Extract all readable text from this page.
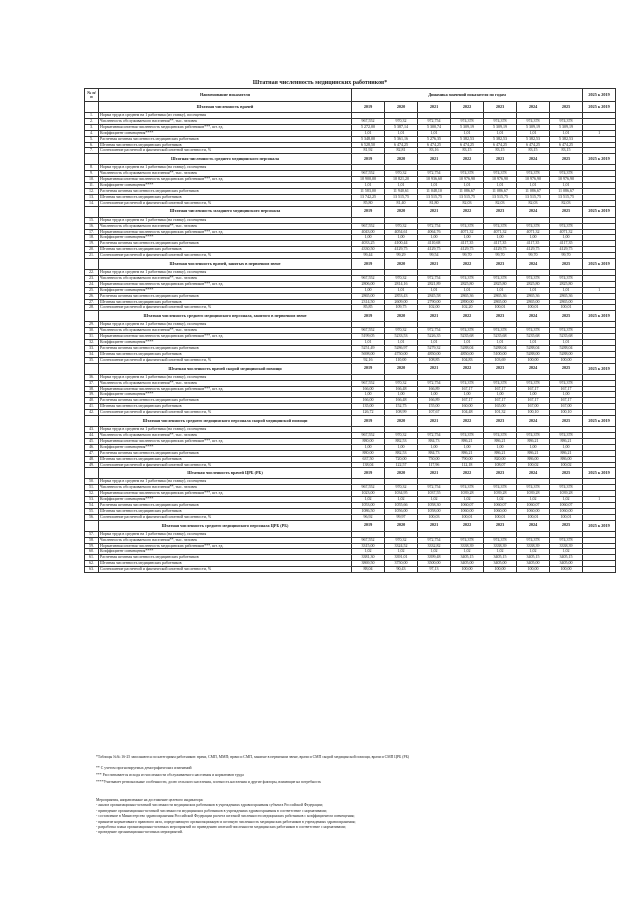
Штатная численность медицинских работников*
№ п/п	Наименование показателя	Динамика значений показателя по годам							2025 к 2019
	Штатная численность врачей	2019	2020	2021	2022	2023	2024	2025	2025 к 2019
1.	Норма труда в среднем на 1 работника (из ставку), посещения								
2.	Численность обслуживаемого населения**, тыс. человек	967,552	970,32	972,754	974,378	974,378	974,378	974,378	
3.	Нормативная штатная численность медицинских работников***, шт. ед.	5 272,00	5 387,14	5 300,74	5 309,19	5 309,19	5 309,19	5 309,19	
4.	Коэффициент совмещения****	1,01	1,01	1,01	1,01	1,01	1,01	1,01	1
5.	Расчетная штатная численность медицинских работников	5 348,00	5 361,16	5 276,35	5 382,53	5 382,53	5 382,53	5 382,53	
6.	Штатная численность медицинских работников	6 528,50	6 474,25	6 474,25	6 474,25	6 474,25	6 474,25	6 474,25	
7.	Соотношение расчетной и фактической штатной численности, %	81,92	82,81	83,16	83,15	83,15	83,15	83,15	
	Штатная численность среднего медицинского персонала	2019	2020	2021	2022	2023	2024	2025	2025 к 2019
8.	Норма труда в среднем на 1 работника (на ставку), посещения								
9.	Численность обслуживаемого населения**, тыс. человек	967,552	970,32	972,754	974,378	974,378	974,378	974,378	
10.	Нормативная штатная численность медицинских работников***, шт. ед.	10 900,00	10 821,20	10 936,60	10 976,90	10 976,90	10 976,90	10 976,90	
11.	Коэффициент совмещения****	1,01	1,01	1,01	1,01	1,01	1,01	1,01	
12.	Расчетная штатная численность медицинских работников	11 583,00	11 940,61	11 048,10	11 086,67	11 086,67	11 086,67	11 086,67	
13.	Штатная численность медицинских работников	13 742,25	13 515,75	13 515,75	13 515,75	13 515,75	13 515,75	13 515,75	
14.	Соотношение расчетной и фактической штатной численности, %	85,80	81,40	81,80	82,03	82,03	82,03	82,03	
	Штатная численность младшего медицинского персонала	2019	2020	2021	2022	2023	2024	2025	2025 к 2019
15.	Норма труда в среднем на 1 работника (на ставку), посещения								
16.	Численность обслуживаемого населения**, тыс. человек	967,552	970,32	972,754	974,378	974,378	974,378	974,378	
17.	Нормативная штатная численность медицинских работников***, шт. ед.	4043,00	4054,61	4064,76	4071,32	4071,32	4071,32	4071,32	
18.	Коэффициент совмещения****	1,00	1,00	1,00	1,00	1,00	1,00	1,00	
19.	Расчетная штатная численность медицинских работников	4033,25	4100,44	4110,68	4117,35	4117,35	4117,35	4117,35	
20.	Штатная численность медицинских работников	4330,50	4129,75	4129,75	4129,75	4129,75	4129,75	4129,75	
21.	Соотношение расчетной и фактической штатной численности, %	99,44	99,29	99,54	99,70	99,70	99,70	99,70	
	Штатная численность врачей, занятых в первичном звене	2019	2020	2021	2022	2023	2024	2025	2025 к 2019
22.	Норма труда в среднем на 1 работника (на ставку), посещения								
23.	Численность обслуживаемого населения**, тыс. человек	967,552	970,32	972,754	974,378	974,378	974,378	974,378	
24.	Нормативная штатная численность медицинских работников***, шт. ед.	2806,00	2814,16	2821,89	2825,80	2825,80	2825,80	2825,80	
25.	Коэффициент совмещения****	1,00	1,01	1,01	1,01	1,01	1,01	1,01	1
26.	Расчетная штатная численность медицинских работников	2865,00	2853,43	2845,58	2865,36	2865,36	2865,36	2865,36	
27.	Штатная численность медицинских работников	2314,50	2609,00	2790,00	2890,00	2865,00	2865,00	2865,00	
28.	Соотношение расчетной и фактической штатной численности, %	85,85	109,75	102,00	102,20	100,01	100,01	100,01	
	Штатная численность среднего медицинского персонала, занятого в первичном звене	2019	2020	2021	2022	2023	2024	2025	2025 к 2019
29.	Норма труда в среднем на 1 работника (на ставку), посещения								
30.	Численность обслуживаемого населения**, тыс. человек	967,552	970,32	972,754	974,378	974,378	974,378	974,378	
31.	Нормативная штатная численность медицинских работников***, шт. ед.	5199,05	5233,53	5226,35	5235,68	5235,68	5235,68	5235,68	
32.	Коэффициент совмещения****	1,01	1,01	1,01	1,01	1,01	1,01	1,01	
33.	Расчетная штатная численность медицинских работников	5251,49	5286,97	5279,32	5288,04	5288,04	5288,04	5288,04	
34.	Штатная численность медицинских работников	5698,00	4750,00	4850,00	4850,00	5100,00	5288,00	5288,00	
35.	Соотношение расчетной и фактической штатной численности, %	92,16	110,00	108,85	104,83	103,69	100,00	100,00	
	Штатная численность врачей скорой медицинской помощи	2019	2020	2021	2022	2023	2024	2025	2025 к 2019
36.	Норма труда в среднем на 1 работника (на ставку), посещения								
37.	Численность обслуживаемого населения**, тыс. человек	967,552	970,32	972,754	974,378	974,378	974,378	974,378	
38.	Нормативная штатная численность медицинских работников***, шт. ед.	166,00	166,48	166,89	167,17	167,17	167,17	167,17	
39.	Коэффициент совмещения****	1,00	1,00	1,00	1,00	1,00	1,00	1,00	
40.	Расчетная штатная численность медицинских работников	166,00	166,48	166,89	167,17	167,17	167,17	167,17	
41.	Штатная численность медицинских работников	135,00	152,75	155,00	160,00	165,00	167,00	167,00	
42.	Соотношение расчетной и фактической штатной численности, %	126,72	108,99	107,67	104,48	101,32	100,10	100,10	
	Штатная численность среднего медицинского персонала скорой медицинской помощи	2019	2020	2021	2022	2023	2024	2025	2025 к 2019
43.	Норма труда в среднем на 1 работника (на ставку), посещения								
44.	Численность обслуживаемого населения**, тыс. человек	967,552	970,32	972,754	974,378	974,378	974,378	974,378	
45.	Нормативная штатная численность медицинских работников***, шт. ед.	880,00	882,53	884,73	886,21	886,21	886,21	886,21	
46.	Коэффициент совмещения****	1,00	1,00	1,00	1,00	1,00	1,00	1,00	
47.	Расчетная штатная численность медицинских работников	880,00	882,53	884,73	886,21	886,21	886,21	886,21	
48.	Штатная численность медицинских работников	637,50	720,00	750,00	790,00	820,00	886,00	886,00	
49.	Соотношение расчетной и фактической штатной численности, %	138,04	122,57	117,96	112,18	108,07	100,02	100,02	
	Штатная численность врачей ЦРБ (РБ)	2019	2020	2021	2022	2023	2024	2025	2025 к 2019
50.	Норма труда в среднем на 1 работника (на ставку), посещения								
51.	Численность обслуживаемого населения**, тыс. человек	967,552	970,32	972,754	974,378	974,378	974,378	974,378	
52.	Нормативная штатная численность медицинских работников***, шт. ед.	1023,00	1034,95	1037,55	1039,28	1039,28	1039,28	1039,28	
53.	Коэффициент совмещения****	1,02	1,02	1,02	1,02	1,02	1,02	1,02	1
54.	Расчетная штатная численность медицинских работников	1053,00	1055,66	1058,30	1060,07	1060,07	1060,07	1060,07	
55.	Штатная численность медицинских работников	1086,50	1056,00	1058,00	1060,00	1060,00	1060,00	1060,00	
56.	Соотношение расчетной и фактической штатной численности, %	96,92	99,97	100,03	100,01	100,01	100,01	100,01	
	Штатная численность среднего медицинского персонала ЦРБ (РБ)	2019	2020	2021	2022	2023	2024	2025	2025 к 2019
57.	Норма труда в среднем на 1 работника (на ставку), посещения								
58.	Численность обслуживаемого населения**, тыс. человек	967,552	970,32	972,754	974,378	974,378	974,378	974,378	
59.	Нормативная штатная численность медицинских работников***, шт. ед.	3315,00	3324,52	3332,82	3338,39	3338,39	3338,39	3338,39	
60.	Коэффициент совмещения****	1,02	1,02	1,02	1,02	1,02	1,02	1,02	
61.	Расчетная штатная численность медицинских работников	3381,30	3391,01	3399,48	3405,15	3405,15	3405,15	3405,15	
62.	Штатная численность медицинских работников	3869,50	3750,00	3500,00	3405,00	3405,00	3405,00	3405,00	
63.	Соотношение расчетной и фактической штатной численности, %	88,04	90,43	97,13	100,00	100,00	100,00	100,00	
*Таблицы №№ 16-25 заполняются по категориям работников: врачи, СМП, ММП; врачи и СМП, занятые в первичном звене, врачи и СМП скорой медицинской помощи, врачи и СМП ЦРБ (РБ)
** С учетом прогнозируемых демографических изменений
*** Рассчитывается исходя из численности обслуживаемого населения и нормативов труда
****Учитывает региональные особенности, долю сельского населения, плотность населения и другие факторы, влияющие на потребность
Мероприятия, направленные на достижение целевого индикатора:
- анализ организационно-штатной численности медицинских работников в учреждениях здравоохранения субъекта Российской Федерации;
- приведение организационно-штатной численности медицинских работников в учреждениях здравоохранения в соответствие с нормативами;
- составление в Министерство здравоохранения Российской Федерации расчета штатной численности медицинских работников с коэффициентом совмещения;
- принятие нормативного правового акта, определяющего организационную и штатную численность медицинских работников в учреждениях здравоохранения;
- разработка плана организационно-штатных мероприятий по приведению штатной численности медицинских работников в соответствие с нормативами;
- проведение организационно-штатных мероприятий.
